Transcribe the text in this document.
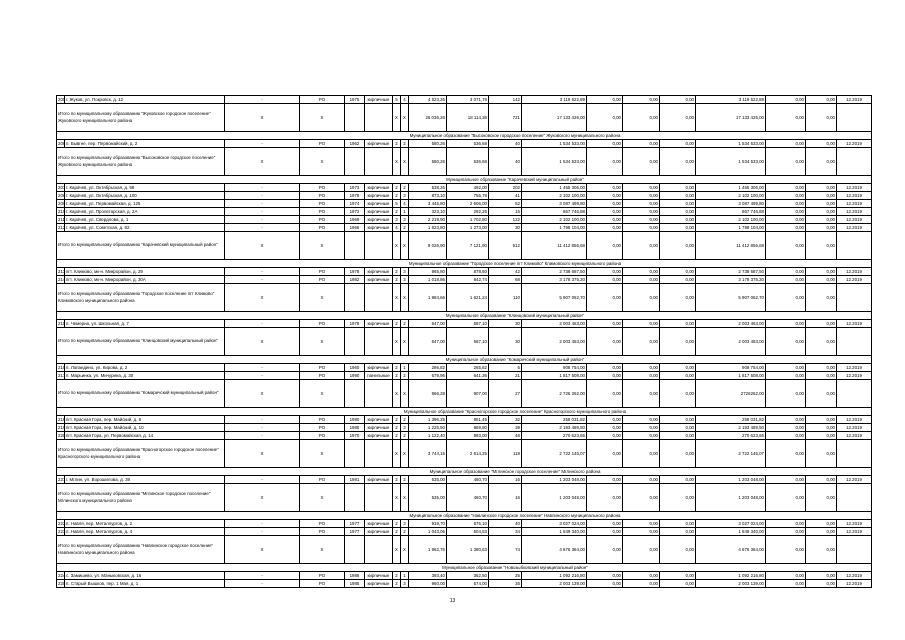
205	г. Жуков, ул. Покровск, д. 12	-	РО	1975	кирпичные	5	4	4 523,26	3 071,76	142	3 119 522,89	0,00	0,00	0,00	3 119 522,89	0,00	0,00	12.2019
Итого по муниципальному образованию "Жуковское городское поселение" Жуковского муниципального района		X	X			X	X	26 036,26	18 114,36	721	17 133 426,00	0,00	0,00	0,00	17 133 426,00	0,00	0,00	
		Муниципальное образование "Высоковское городское поселение" Жуковского муниципального района																
206	п. Бывгне, пер. Первомайский, д. 2	-	РО	1962	кирпичные	2	2	580,26	536,68	40	1 534 533,00	0,00	0,00	0,00	1 534 533,00	0,00	0,00	12.2019
Итого по муниципальному образованию "Высоковское городское поселение" Жуковского муниципального района		X	X			X	X	580,26	536,68	40	1 534 533,00	0,00	0,00	0,00	1 534 533,00	0,00	0,00	
		Муниципальное образование "Карачевский муниципальный район"																
207	г. Карачев, ул. Октябрьская, д. 98	-	РО	1973	кирпичные	2	2	538,26	492,00	202	1 455 306,00	0,00	0,00	0,00	1 455 306,00	0,00	0,00	12.2019
208	г. Карачев, ул. Октябрьская, д. 100	-	РО	1978	кирпичные	2	3	873,10	755,78	41	2 102 100,00	0,00	0,00	0,00	2 102 100,00	0,00	0,00	12.2019
209	г. Карачев, ул. Первомайская, д. 125	-	РО	1974	кирпичные	5	4	3 445,80	2 606,00	52	3 087 499,80	0,00	0,00	0,00	3 087 499,80	0,00	0,00	12.2019
210	г. Карачев, ул. Пролетарская, д. 2А	-	РО	1972	кирпичные	2	1	323,10	292,26	15	867 746,88	0,00	0,00	0,00	867 746,88	0,00	0,00	12.2019
211	г. Карачев, ул. Свердлова, д. 1	-	РО	1969	кирпичные	3	3	2 219,90	1 702,80	122	2 102 100,00	0,00	0,00	0,00	2 102 100,00	0,00	0,00	12.2019
212	г. Карачев, ул. Советская, д. 82	-	РО	1966	кирпичные	4	2	1 623,80	1 273,00	30	1 798 104,00	0,00	0,00	0,00	1 798 104,00	0,00	0,00	12.2019
Итого по муниципальному образованию "Карачевский муниципальный район"		X	X			X	X	9 026,90	7 121,90	512	11 412 856,68	0,00	0,00	0,00	11 412 856,68	0,00	0,00	
		Муниципальное образование "Городское поселение пгт Климово" Климовского муниципального района																
213	пгт. Климово, мк-н. Микрорайон, д. 29	-	РО	1978	кирпичные	2	3	965,80	878,50	42	2 738 687,50	0,00	0,00	0,00	2 738 687,50	0,00	0,00	12.2019
214	пгт. Климово, мк-н. Микрорайон, д. 30А	-	РО	1982	кирпичные	2	3	1 018,86	842,74	68	3 178 375,20	0,00	0,00	0,00	3 178 375,20	0,00	0,00	12.2019
Итого по муниципальному образованию "Городское поселение пгт Климово" Климовского муниципального района		X	X			X	X	1 984,66	1 621,24	110	5 907 062,70	0,00	0,00	0,00	5 907 062,70	0,00	0,00	
		Муниципальное образование "Клинцовский муниципальный район"																
215	п. Чемерна, ул. Школьная, д. 7	-	РО	1978	кирпичные	2	2	647,00	587,10	30	2 003 463,00	0,00	0,00	0,00	2 003 463,00	0,00	0,00	12.2019
Итого по муниципальному образованию "Клинцовский муниципальный район"		X	X			X	X	647,00	587,10	30	2 003 463,00	0,00	0,00	0,00	2 003 463,00	0,00	0,00	
		Муниципальное образование "Комаричский муниципальный район"																
216	п. Лопандино, ул. Кирова, д. 2	-	РО	1960	кирпичные	2	1	286,82	265,62	6	908 754,00	0,00	0,00	0,00	908 754,00	0,00	0,00	12.2019
217	п. Марьинка, ул. Мичурина, д. 30	-	РО	1990	панельные	2	2	679,96	641,36	21	1 817 508,00	0,00	0,00	0,00	1 817 508,00	0,00	0,00	12.2019
Итого по муниципальному образованию "Комаричский муниципальный район"		X	X			X	X	966,28	907,00	27	2 726 262,00	0,00	0,00	0,00	2726262,00	0,00	0,00	
		Муниципальное образование "Красногорское городское поселение" Красногорского муниципального района																
218	пгт. Красная Гора, пер. Майский, д. 8	-	РО	1980	кирпичные	2	2	1 396,25	851,45	32	258 031,82	0,00	0,00	0,00	258 031,82	0,00	0,00	12.2019
219	пгт. Красная Гора, пер. Майский, д. 10	-	РО	1985	кирпичные	2	3	1 225,50	869,80	39	2 193 489,50	0,00	0,00	0,00	2 193 489,50	0,00	0,00	12.2019
220	пгт. Красная Гора, ул. Первомайская, д. 14	-	РО	1970	кирпичные	2	2	1 122,40	893,00	48	270 623,65	0,00	0,00	0,00	270 623,65	0,00	0,00	12.2019
Итого по муниципальному образованию "Красногорское городское поселение" Красногорского муниципального района		X	X			X	X	3 744,15	2 614,25	119	2 722 145,07	0,00	0,00	0,00	2 722 145,07	0,00	0,00	
		Муниципальное образование "Мглинское городское поселение" Мглинского района																
221	г. Мглин, ул. Ворошилова, д. 39	-	РО	1981	кирпичные	2	2	535,00	460,70	16	1 203 048,00	0,00	0,00	0,00	1 203 048,00	0,00	0,00	12.2019
Итого по муниципальному образованию "Мглинское городское поселение" Мглинского муниципального района		X	X			X	X	535,00	460,70	16	1 203 048,00	0,00	0,00	0,00	1 203 048,00	0,00	0,00	
		Муниципальное образование "Навлинское городское поселение" Навлинского муниципального района																
222	п. Навля, пер. Металлургов, д. 2	-	РО	1977	кирпичные	2	3	919,70	876,10	40	3 027 024,00	0,00	0,00	0,00	3 027 024,00	0,00	0,00	12.2019
223	п. Навля, пер. Металлургов, д. 4	-	РО	1977	кирпичные	2	2	1 043,06	504,53	34	1 649 340,00	0,00	0,00	0,00	1 649 340,00	0,00	0,00	12.2019
Итого по муниципальному образованию "Навлинское городское поселение" Навлинского муниципального района		X	X			X	X	1 962,76	1 380,63	74	4 676 364,00	0,00	0,00	0,00	4 676 364,00	0,00	0,00	
		Муниципальное образование "Новозыбковский муниципальный район"																
224	с. Замишево, ул. Маныковская, д. 16	-	РО	1986	кирпичные	2	1	393,40	362,50	25	1 092 216,80	0,00	0,00	0,00	1 092 216,80	0,00	0,00	12.2019
225	п. Старый Вышков, пер. 1 Мая, д. 1	-	РО	1985	кирпичные	2	3	960,00	574,00	35	2 003 139,00	0,00	0,00	0,00	2 003 139,00	0,00	0,00	12.2019
13
